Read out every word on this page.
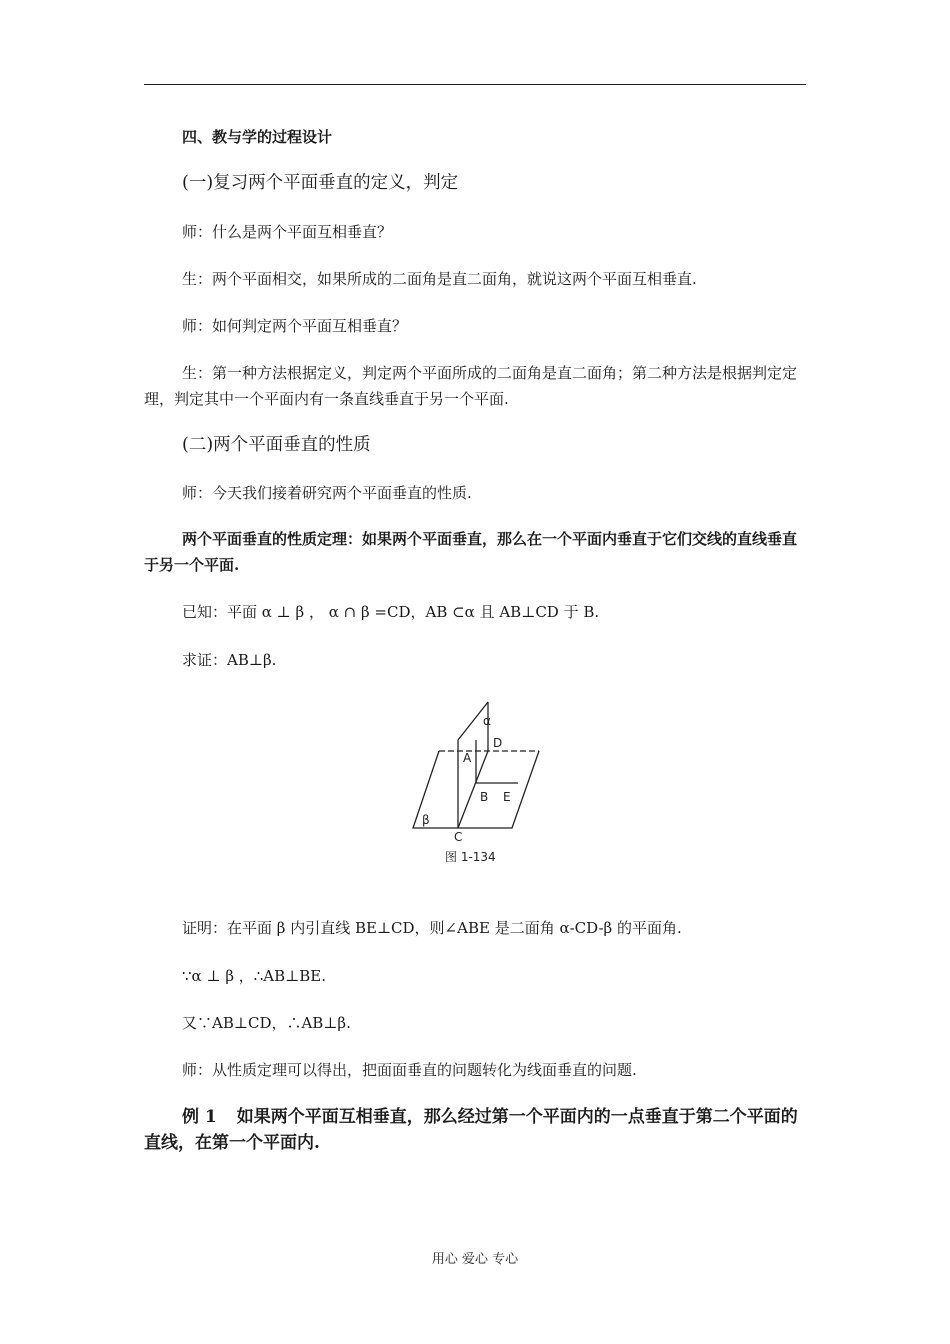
四、教与学的过程设计
(一)复习两个平面垂直的定义，判定
师：什么是两个平面互相垂直？
生：两个平面相交，如果所成的二面角是直二面角，就说这两个平面互相垂直.
师：如何判定两个平面互相垂直？
生：第一种方法根据定义，判定两个平面所成的二面角是直二面角；第二种方法是根据判定定理，判定其中一个平面内有一条直线垂直于另一个平面.
(二)两个平面垂直的性质
师：今天我们接着研究两个平面垂直的性质.
两个平面垂直的性质定理：如果两个平面垂直，那么在一个平面内垂直于它们交线的直线垂直于另一个平面.
已知：平面 α ⊥ β ， α ∩ β =CD，AB ⊂α 且 AB⊥CD 于 B.
求证：AB⊥β.
α
D
A
B E
β
C
图 1-134
证明：在平面 β 内引直线 BE⊥CD，则∠ABE 是二面角 α-CD-β 的平面角.
∵α ⊥ β ，∴AB⊥BE.
又∵AB⊥CD，∴AB⊥β.
师：从性质定理可以得出，把面面垂直的问题转化为线面垂直的问题.
例 1 如果两个平面互相垂直，那么经过第一个平面内的一点垂直于第二个平面的直线，在第一个平面内.
用心 爱心 专心
